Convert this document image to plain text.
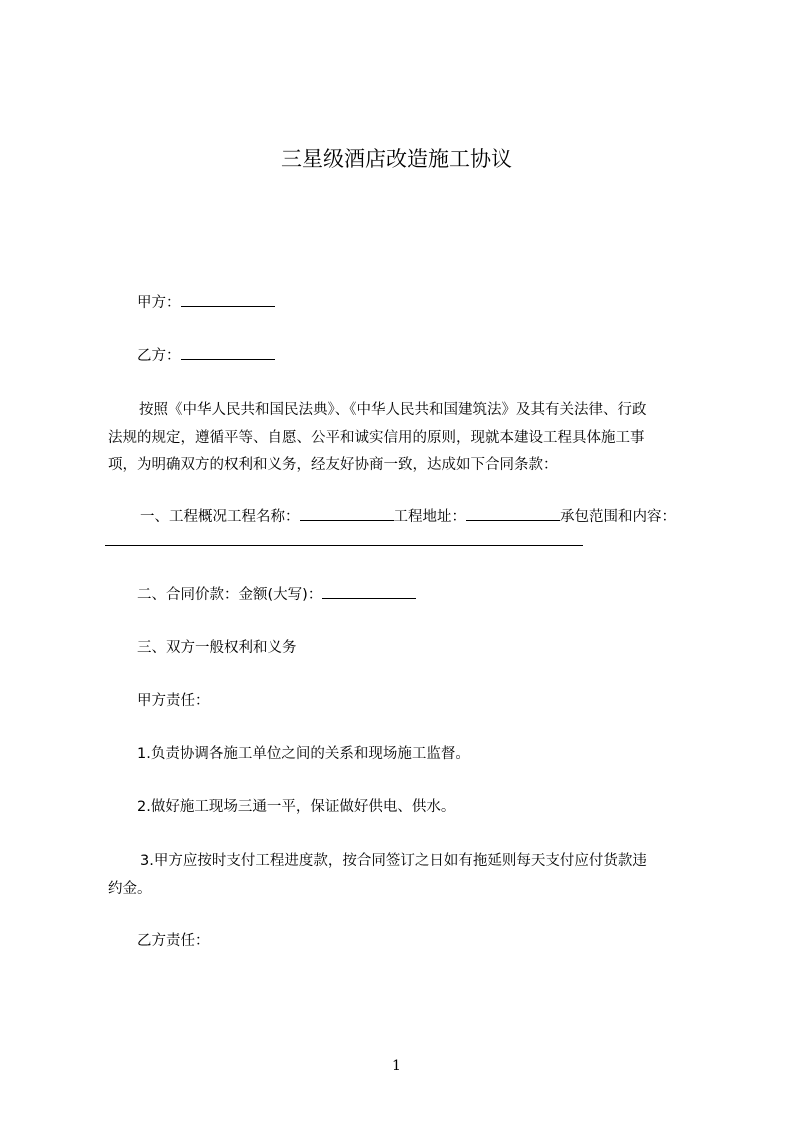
三星级酒店改造施工协议
甲方：
乙方：
按照《中华人民共和国民法典》、《中华人民共和国建筑法》及其有关法律、行政
法规的规定，遵循平等、自愿、公平和诚实信用的原则，现就本建设工程具体施工事
项，为明确双方的权利和义务，经友好协商一致，达成如下合同条款：
一、工程概况工程名称：	工程地址：	承包范围和内容：
二、合同价款：金额(大写)：
三、双方一般权利和义务
甲方责任：
1.负责协调各施工单位之间的关系和现场施工监督。
2.做好施工现场三通一平，保证做好供电、供水。
3.甲方应按时支付工程进度款，按合同签订之日如有拖延则每天支付应付货款违
约金。
乙方责任：
1
